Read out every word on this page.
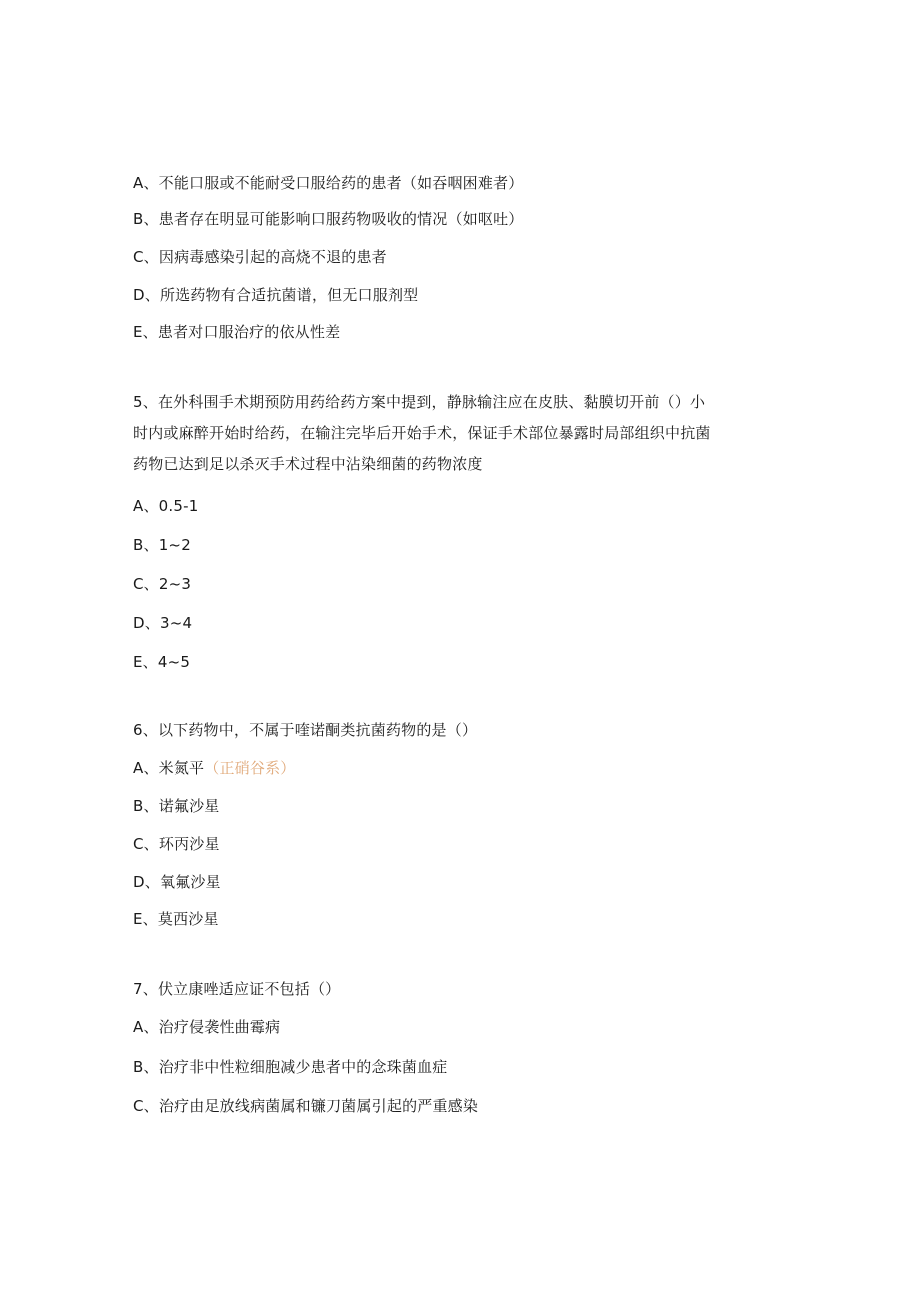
A、不能口服或不能耐受口服给药的患者（如吞咽困难者）
B、患者存在明显可能影响口服药物吸收的情况（如呕吐）
C、因病毒感染引起的高烧不退的患者
D、所选药物有合适抗菌谱，但无口服剂型
E、患者对口服治疗的依从性差
5、在外科围手术期预防用药给药方案中提到，静脉输注应在皮肤、黏膜切开前（）小
时内或麻醉开始时给药，在输注完毕后开始手术，保证手术部位暴露时局部组织中抗菌
药物已达到足以杀灭手术过程中沾染细菌的药物浓度
A、0.5-1
B、1~2
C、2~3
D、3~4
E、4~5
6、以下药物中，不属于喹诺酮类抗菌药物的是（）
A、米氮平（正硝谷系）
B、诺氟沙星
C、环丙沙星
D、氧氟沙星
E、莫西沙星
7、伏立康唑适应证不包括（）
A、治疗侵袭性曲霉病
B、治疗非中性粒细胞减少患者中的念珠菌血症
C、治疗由足放线病菌属和镰刀菌属引起的严重感染
